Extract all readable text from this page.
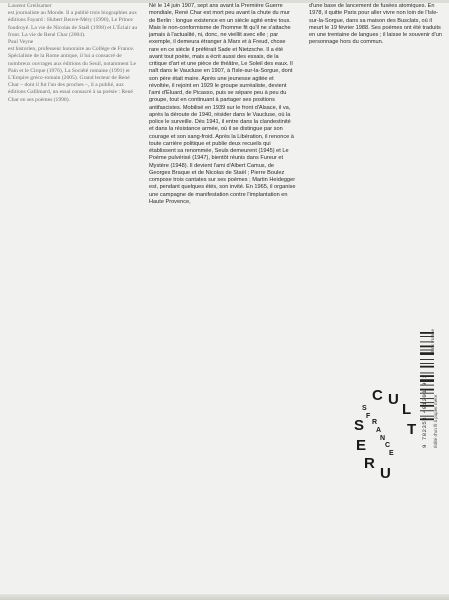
Laurent Greilsamer
est journaliste au Monde. Il a publié trois biographies aux éditions Fayard : Hubert Beuve-Méry (1990), Le Prince foudroyé. La vie de Nicolas de Staël (1998) et L'Éclair au front. La vie de René Char (2004).

Paul Veyne
est historien, professeur honoraire au Collège de France. Spécialiste de la Rome antique, il lui a consacré de nombreux ouvrages aux éditions du Seuil, notamment Le Pain et le Cirque (1976), La Société romaine (1991) et L'Empire gréco-romain (2005). Grand lecteur de René Char – dont il fut l'un des proches –, il a publié, aux éditions Gallimard, un essai consacré à sa poésie : René Char en ses poèmes (1990).

Né le 14 juin 1907, sept ans avant la Première Guerre mondiale, René Char est mort peu avant la chute du mur de Berlin : longue existence en un siècle agité entre tous. Mais le non-conformisme de l'homme fit qu'il ne s'attache jamais à l'actualité, ni, donc, ne vieillit avec elle ; par exemple, il demeura étranger à Marx et à Freud, chose rare en ce siècle il préférait Sade et Nietzsche. Il a été avant tout poète, mais a écrit aussi des essais, de la critique d'art et une pièce de théâtre, Le Soleil des eaux. Il naît dans le Vaucluse en 1907, à l'Isle-sur-la-Sorgue, dont son père était maire. Après une jeunesse agitée et révoltée, il rejoint en 1929 le groupe surréaliste, devient l'ami d'Éluard, de Picasso, puis se sépare peu à peu du groupe, tout en continuant à partager ses positions antifascistes. Mobilisé en 1939 sur le front d'Alsace, il va, après la déroute de 1940, résider dans le Vaucluse, où la police le surveille. Dès 1941, il entre dans la clandestinité et dans la résistance armée, où il se distingue par son courage et son sang-froid. Après la Libération, il renonce à toute carrière politique et publie deux recueils qui établissent sa renommée, Seuls demeurent (1945) et Le Poème pulvérisé (1947), bientôt réunis dans Fureur et Mystère (1948). Il devient l'ami d'Albert Camus, de Georges Braque et de Nicolas de Staël ; Pierre Boulez compose trois cantates sur ses poèmes ; Martin Heidegger est, pendant quelques étés, son invité. En 1965, il organise une campagne de manifestation contre l'implantation en Haute Provence,

d'une base de lancement de fusées atomiques. En 1978, il quitte Paris pour aller vivre non loin de l'Isle-sur-la-Sorgue, dans sa maison des Busclats, où il meurt le 19 février 1988. Ses poèmes ont été traduits en une trentaine de langues ; il laisse le souvenir d'un personnage hors du commun.

C U
L
T
S
F
R
A
N
C
E
S
E
R
U
9 782353 401201 9 2
Prix France
Édité d'un fil à papier mère
